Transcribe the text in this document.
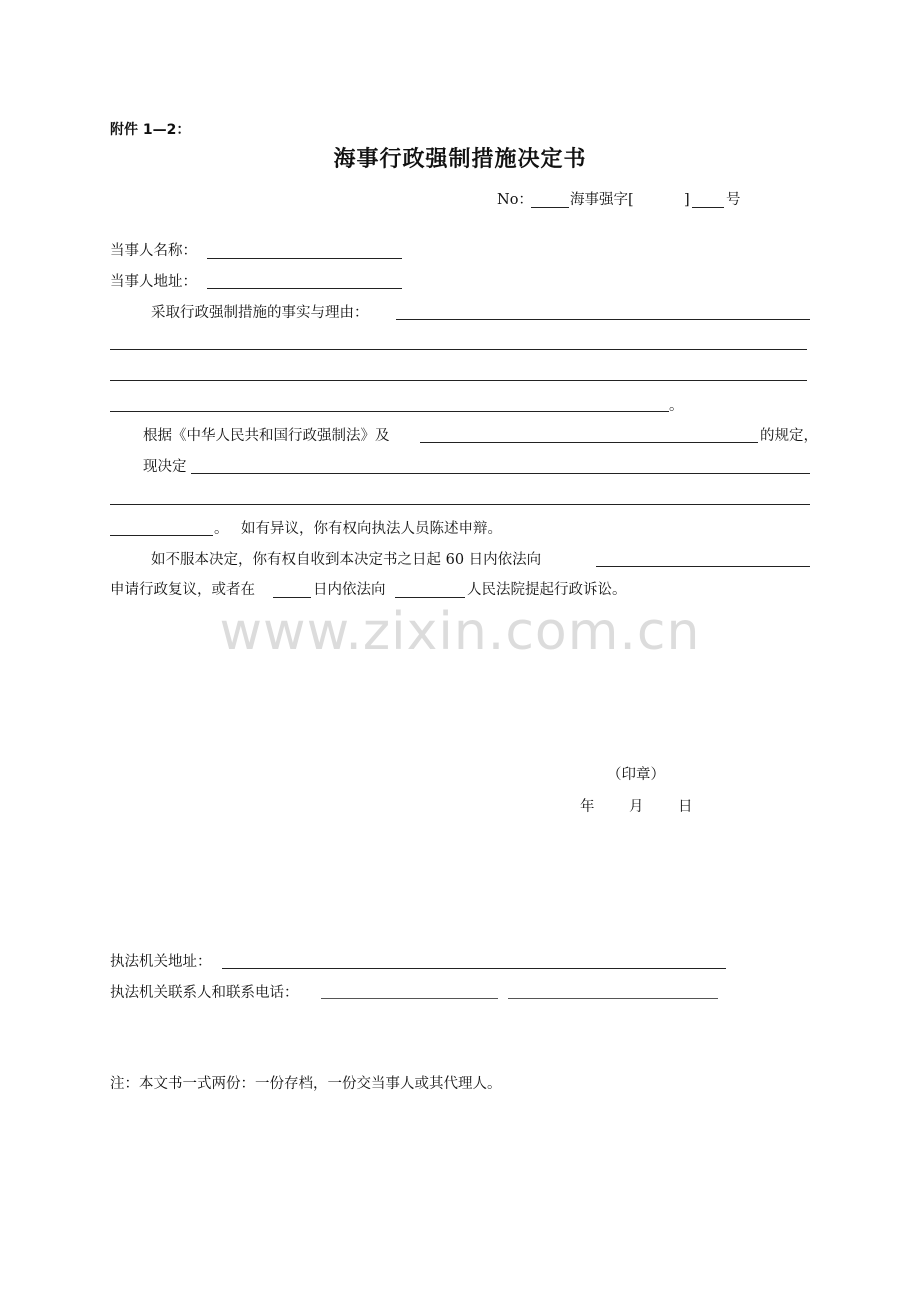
附件 1—2：
海事行政强制措施决定书
No：	海事强字[	]	号
当事人名称：
当事人地址：
采取行政强制措施的事实与理由：
。
根据《中华人民共和国行政强制法》及	的规定，
现决定
。 如有异议，你有权向执法人员陈述申辩。
如不服本决定，你有权自收到本决定书之日起 60 日内依法向
申请行政复议，或者在	日内依法向	人民法院提起行政诉讼。
www.zixin.com.cn
（印章）
年 月 日
执法机关地址：
执法机关联系人和联系电话：
注：本文书一式两份：一份存档，一份交当事人或其代理人。
